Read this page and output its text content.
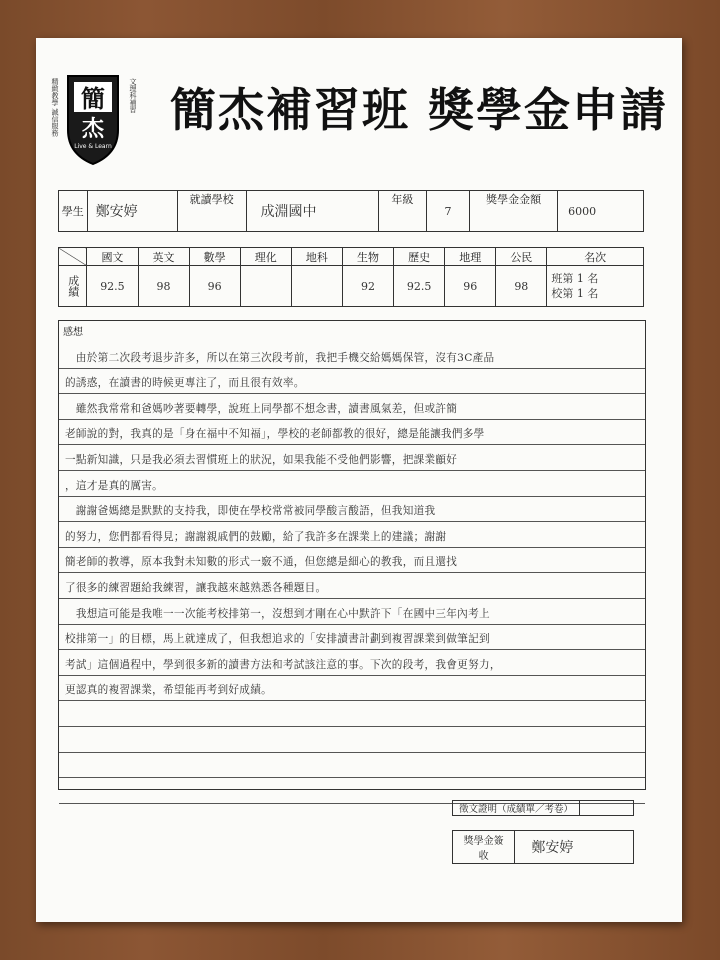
簡
杰
Live & Learn
精緻教學 誠信服務	文理科補習 簡杰補習班 獎學金申請
學生	鄭安婷	就讀學校	成淵國中	年級	7	獎學金金額	6000
	國文	英文	數學	理化	地科	生物	歷史	地理	公民	名次
成績	92.5	98	96			92	92.5	96	98	班第 1 名
校第 1 名
感想
　由於第二次段考退步許多，所以在第三次段考前，我把手機交給媽媽保管，沒有3C產品
的誘惑，在讀書的時候更專注了，而且很有效率。
　雖然我常常和爸媽吵著要轉學，說班上同學都不想念書，讀書風氣差，但或許簡
老師說的對，我真的是「身在福中不知福」，學校的老師都教的很好，總是能讓我們多學
一點新知識，只是我必須去習慣班上的狀況，如果我能不受他們影響，把課業顧好
，這才是真的厲害。
　謝謝爸媽總是默默的支持我，即使在學校常常被同學酸言酸語，但我知道我
的努力，您們都看得見；謝謝親戚們的鼓勵，給了我許多在課業上的建議；謝謝
簡老師的教導，原本我對未知數的形式一竅不通，但您總是細心的教我，而且還找
了很多的練習題給我練習，讓我越來越熟悉各種題目。
　我想這可能是我唯一一次能考校排第一，沒想到才剛在心中默許下「在國中三年內考上
校排第一」的目標，馬上就達成了，但我想追求的「安排讀書計劃到複習課業到做筆記到
考試」這個過程中，學到很多新的讀書方法和考試該注意的事。下次的段考，我會更努力，
更認真的複習課業，希望能再考到好成績。
徵文證明（成績單／考卷）	
獎學金簽收	鄭安婷
